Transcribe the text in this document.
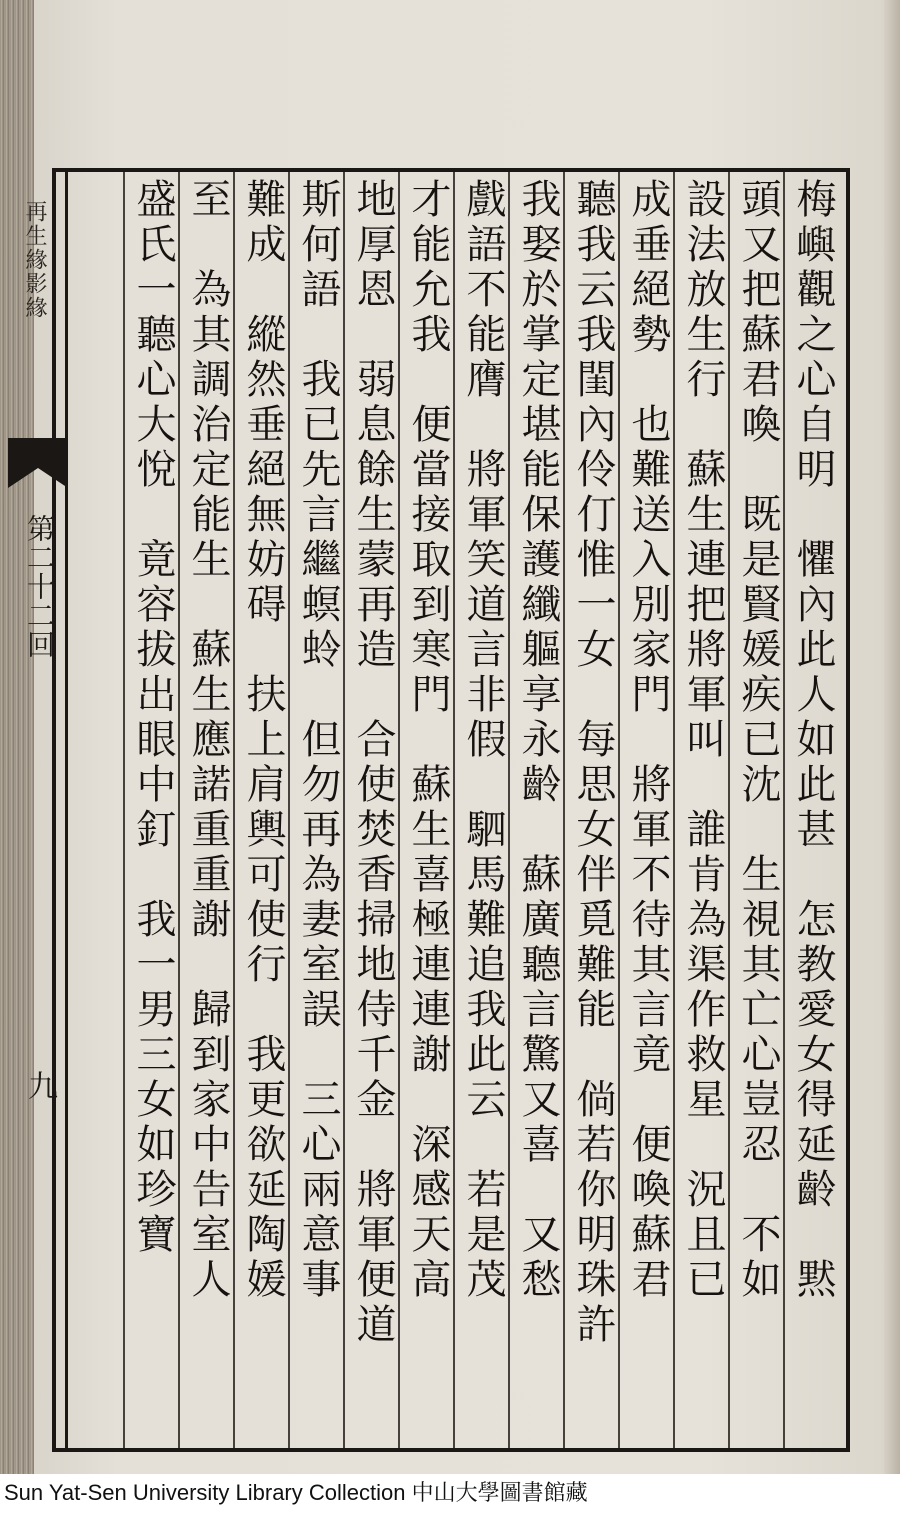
再生緣影緣
第二十二回
九	梅嶼觀之心自明　懼內此人如此甚　怎教愛女得延齡　黙
頭又把蘇君喚　既是賢媛疾已沈　生視其亡心豈忍　不如
設法放生行　蘇生連把將軍叫　誰肯為渠作救星　況且已
成垂絕勢　也難送入別家門　將軍不待其言竟　便喚蘇君
聽我云我閨內伶仃惟一女　每思女伴覓難能　倘若你明珠許
我娶於掌定堪能保護纖軀享永齡　蘇廣聽言驚又喜　又愁
戲語不能膺　將軍笑道言非假　駟馬難追我此云　若是茂
才能允我　便當接取到寒門　蘇生喜極連連謝　深感天高
地厚恩　弱息餘生蒙再造　合使焚香掃地侍千金　將軍便道
斯何語　我已先言繼螟蛉　但勿再為妻室誤　三心兩意事
難成　縱然垂絕無妨碍　扶上肩輿可使行　我更欲延陶媛
至　為其調治定能生　蘇生應諾重重謝　歸到家中告室人
盛氏一聽心大悅　竟容拔出眼中釘　我一男三女如珍寶
Sun Yat-Sen University Library Collection 中山大學圖書館藏
